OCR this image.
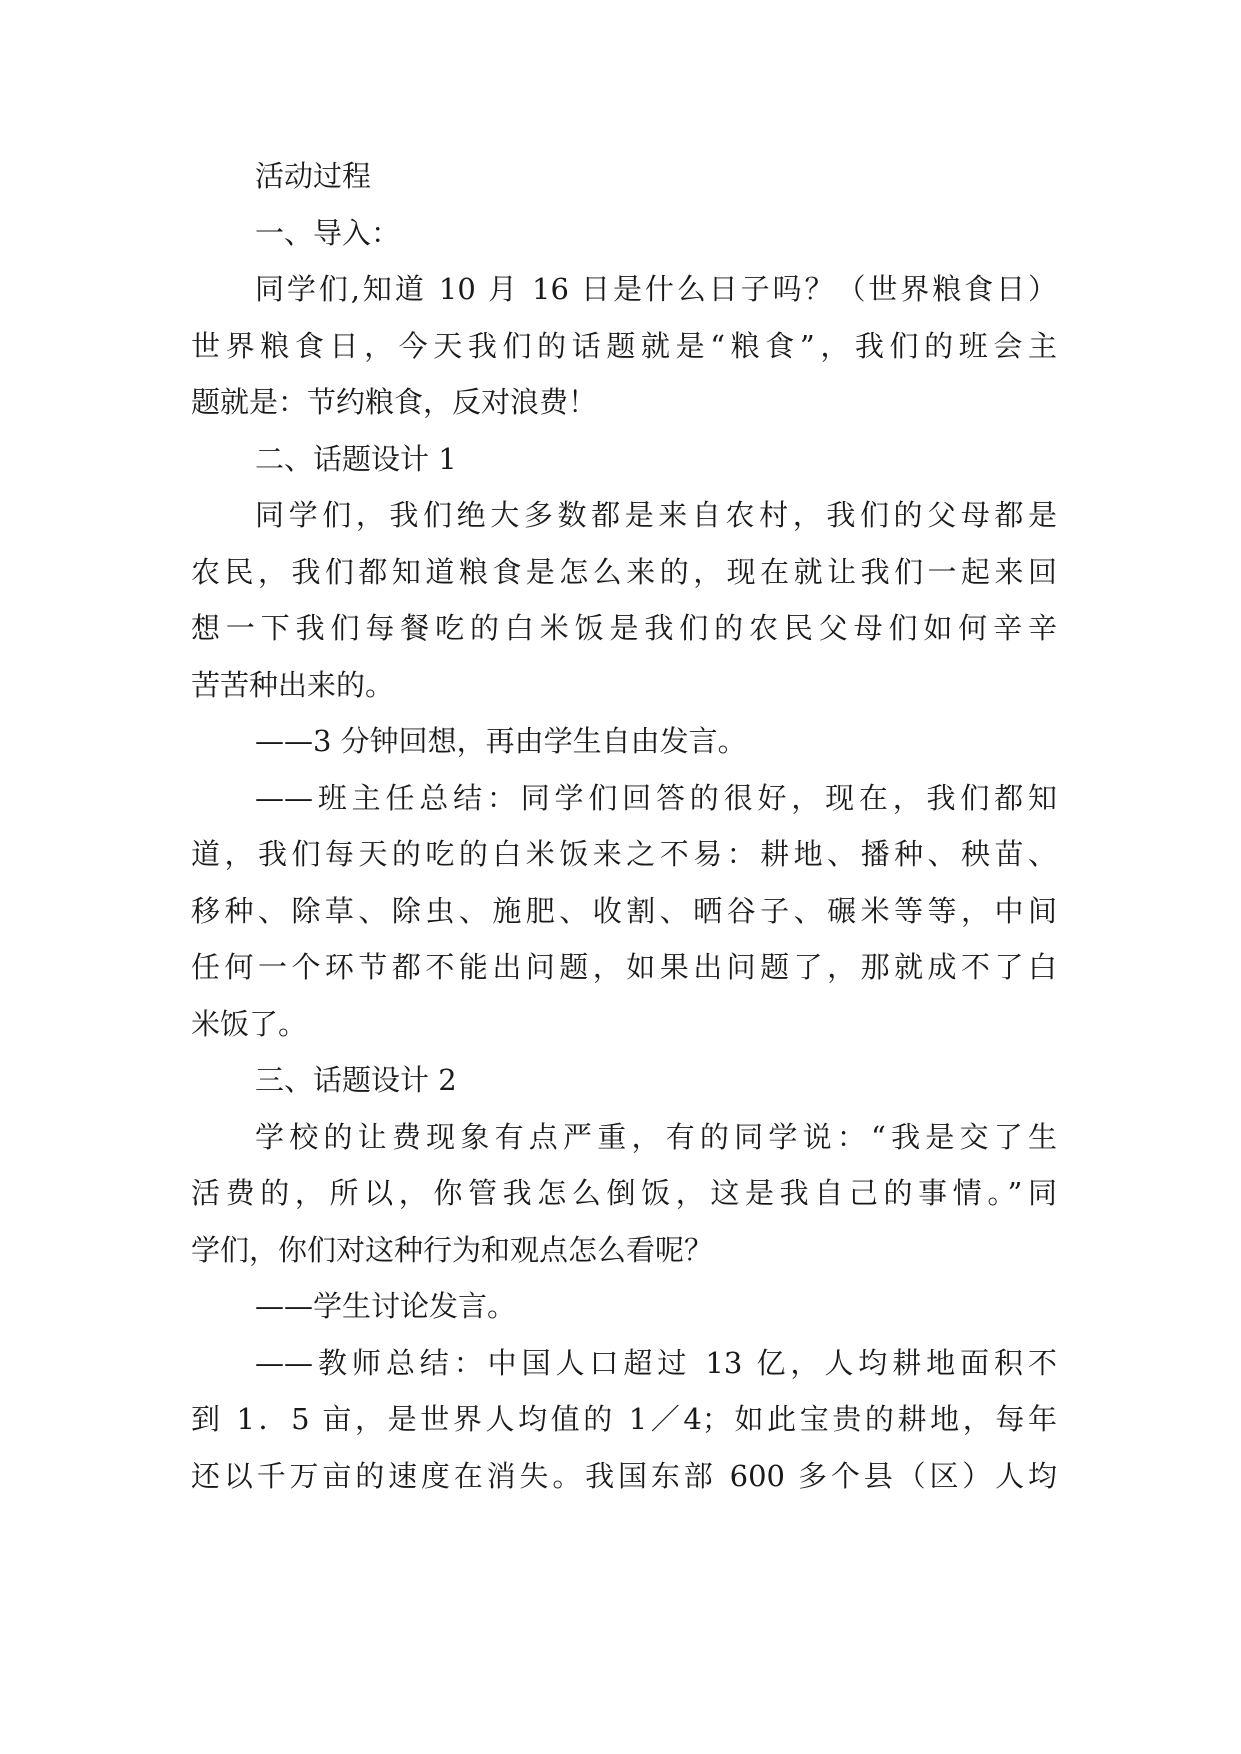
活动过程
一、导入：
同学们,知道 10 月 16 日是什么日子吗？（世界粮食日）
世界粮食日，今天我们的话题就是“粮食”，我们的班会主
题就是：节约粮食，反对浪费！
二、话题设计 1
同学们，我们绝大多数都是来自农村，我们的父母都是
农民，我们都知道粮食是怎么来的，现在就让我们一起来回
想一下我们每餐吃的白米饭是我们的农民父母们如何辛辛
苦苦种出来的。
——3 分钟回想，再由学生自由发言。
——班主任总结：同学们回答的很好，现在，我们都知
道，我们每天的吃的白米饭来之不易：耕地、播种、秧苗、
移种、除草、除虫、施肥、收割、晒谷子、碾米等等，中间
任何一个环节都不能出问题，如果出问题了，那就成不了白
米饭了。
三、话题设计 2
学校的让费现象有点严重，有的同学说：“我是交了生
活费的，所以，你管我怎么倒饭，这是我自己的事情。”同
学们，你们对这种行为和观点怎么看呢？
——学生讨论发言。
——教师总结：中国人口超过 13 亿，人均耕地面积不
到 1．5 亩，是世界人均值的 1／4；如此宝贵的耕地，每年
还以千万亩的速度在消失。我国东部 600 多个县（区）人均
